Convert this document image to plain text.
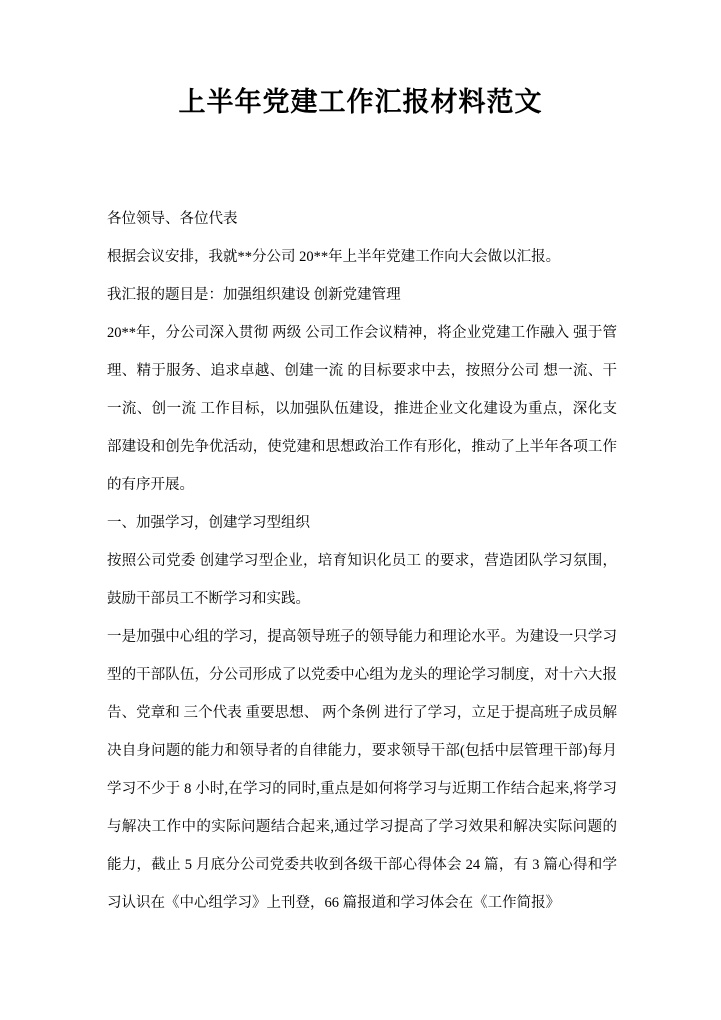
上半年党建工作汇报材料范文

各位领导、各位代表

根据会议安排，我就**分公司 20**年上半年党建工作向大会做以汇报。

我汇报的题目是：加强组织建设 创新党建管理

20**年，分公司深入贯彻 两级 公司工作会议精神，将企业党建工作融入 强于管理、精于服务、追求卓越、创建一流 的目标要求中去，按照分公司 想一流、干一流、创一流 工作目标，以加强队伍建设，推进企业文化建设为重点，深化支部建设和创先争优活动，使党建和思想政治工作有形化，推动了上半年各项工作的有序开展。

一、加强学习，创建学习型组织

按照公司党委 创建学习型企业，培育知识化员工 的要求，营造团队学习氛围，鼓励干部员工不断学习和实践。

一是加强中心组的学习，提高领导班子的领导能力和理论水平。为建设一只学习型的干部队伍，分公司形成了以党委中心组为龙头的理论学习制度，对十六大报告、党章和 三个代表 重要思想、 两个条例 进行了学习，立足于提高班子成员解决自身问题的能力和领导者的自律能力，要求领导干部(包括中层管理干部)每月学习不少于 8 小时,在学习的同时,重点是如何将学习与近期工作结合起来,将学习与解决工作中的实际问题结合起来,通过学习提高了学习效果和解决实际问题的能力，截止 5 月底分公司党委共收到各级干部心得体会 24 篇，有 3 篇心得和学习认识在《中心组学习》上刊登，66 篇报道和学习体会在《工作简报》
